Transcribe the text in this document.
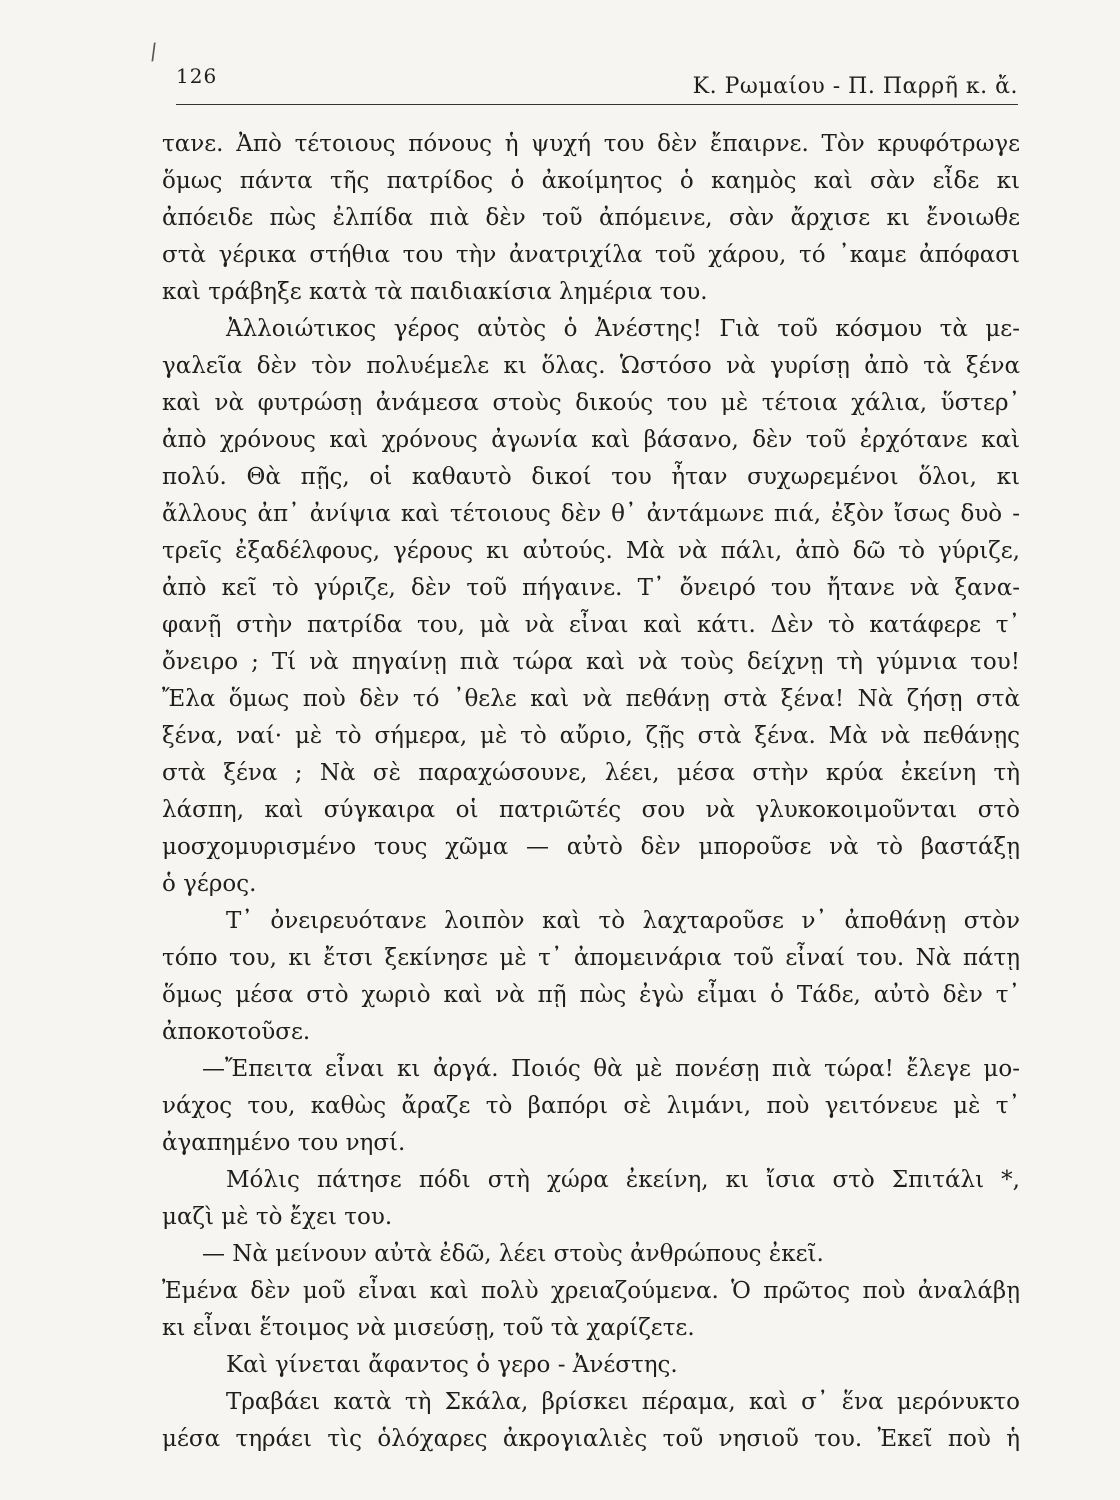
/
126	Κ. Ρωμαίου - Π. Παρρῆ κ. ἄ.
τανε. Ἀπὸ τέτοιους πόνους ἡ ψυχή του δὲν ἔπαιρνε. Τὸν κρυφότρωγε
ὅμως πάντα τῆς πατρίδος ὁ ἀκοίμητος ὁ καημὸς καὶ σὰν εἶδε κι
ἀπόειδε πὼς ἐλπίδα πιὰ δὲν τοῦ ἀπόμεινε, σὰν ἄρχισε κι ἔνοιωθε
στὰ γέρικα στήθια του τὴν ἀνατριχίλα τοῦ χάρου, τό ᾽καμε ἀπόφασι
καὶ τράβηξε κατὰ τὰ παιδιακίσια λημέρια του.
Ἀλλοιώτικος γέρος αὐτὸς ὁ Ἀνέστης! Γιὰ τοῦ κόσμου τὰ με-
γαλεῖα δὲν τὸν πολυέμελε κι ὅλας. Ὡστόσο νὰ γυρίσῃ ἀπὸ τὰ ξένα
καὶ νὰ φυτρώσῃ ἀνάμεσα στοὺς δικούς του μὲ τέτοια χάλια, ὕστερ᾽
ἀπὸ χρόνους καὶ χρόνους ἀγωνία καὶ βάσανο, δὲν τοῦ ἐρχότανε καὶ
πολύ. Θὰ πῇς, οἱ καθαυτὸ δικοί του ἦταν συχωρεμένοι ὅλοι, κι
ἄλλους ἀπ᾽ ἀνίψια καὶ τέτοιους δὲν θ᾽ ἀντάμωνε πιά, ἐξὸν ἴσως δυὸ -
τρεῖς ἐξαδέλφους, γέρους κι αὐτούς. Μὰ νὰ πάλι, ἀπὸ δῶ τὸ γύριζε,
ἀπὸ κεῖ τὸ γύριζε, δὲν τοῦ πήγαινε. Τ᾽ ὄνειρό του ἤτανε νὰ ξανα-
φανῇ στὴν πατρίδα του, μὰ νὰ εἶναι καὶ κάτι. Δὲν τὸ κατάφερε τ᾽
ὄνειρο ; Τί νὰ πηγαίνῃ πιὰ τώρα καὶ νὰ τοὺς δείχνῃ τὴ γύμνια του!
Ἔλα ὅμως ποὺ δὲν τό ᾽θελε καὶ νὰ πεθάνῃ στὰ ξένα! Νὰ ζήσῃ στὰ
ξένα, ναί· μὲ τὸ σήμερα, μὲ τὸ αὔριο, ζῇς στὰ ξένα. Μὰ νὰ πεθάνῃς
στὰ ξένα ; Νὰ σὲ παραχώσουνε, λέει, μέσα στὴν κρύα ἐκείνη τὴ
λάσπη, καὶ σύγκαιρα οἱ πατριῶτές σου νὰ γλυκοκοιμοῦνται στὸ
μοσχομυρισμένο τους χῶμα — αὐτὸ δὲν μποροῦσε νὰ τὸ βαστάξῃ
ὁ γέρος.
Τ᾽ ὀνειρευότανε λοιπὸν καὶ τὸ λαχταροῦσε ν᾽ ἀποθάνῃ στὸν
τόπο του, κι ἔτσι ξεκίνησε μὲ τ᾽ ἀπομεινάρια τοῦ εἶναί του. Νὰ πάτῃ
ὅμως μέσα στὸ χωριὸ καὶ νὰ πῇ πὼς ἐγὼ εἶμαι ὁ Τάδε, αὐτὸ δὲν τ᾽
ἀποκοτοῦσε.
—Ἔπειτα εἶναι κι ἀργά. Ποιός θὰ μὲ πονέσῃ πιὰ τώρα! ἔλεγε μο-
νάχος του, καθὼς ἄραζε τὸ βαπόρι σὲ λιμάνι, ποὺ γειτόνευε μὲ τ᾽
ἀγαπημένο του νησί.
Μόλις πάτησε πόδι στὴ χώρα ἐκείνη, κι ἴσια στὸ Σπιτάλι *,
μαζὶ μὲ τὸ ἔχει του.
— Νὰ μείνουν αὐτὰ ἐδῶ, λέει στοὺς ἀνθρώπους ἐκεῖ.
Ἐμένα δὲν μοῦ εἶναι καὶ πολὺ χρειαζούμενα. Ὁ πρῶτος ποὺ ἀναλάβῃ
κι εἶναι ἕτοιμος νὰ μισεύσῃ, τοῦ τὰ χαρίζετε.
Καὶ γίνεται ἄφαντος ὁ γερο - Ἀνέστης.
Τραβάει κατὰ τὴ Σκάλα, βρίσκει πέραμα, καὶ σ᾽ ἕνα μερόνυκτο
μέσα τηράει τὶς ὁλόχαρες ἀκρογιαλιὲς τοῦ νησιοῦ του. Ἐκεῖ ποὺ ἡ
